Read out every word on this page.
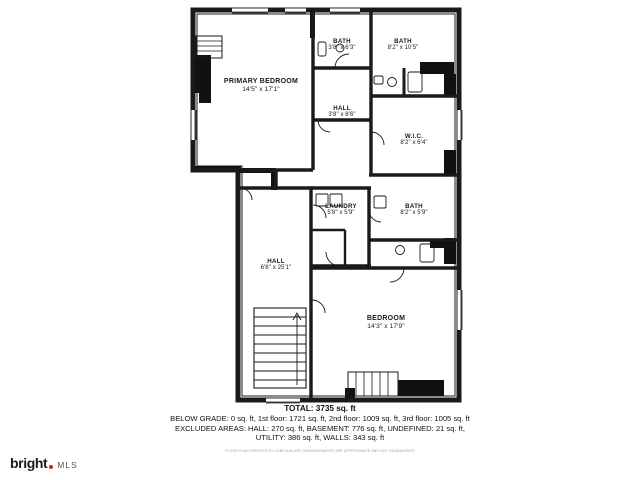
PRIMARY BEDROOM
14'5" x 17'1"
BATH
3'8" x 6'3"
BATH
8'2" x 10'5"
HALL
3'8" x 8'6"
W.I.C.
8'2" x 6'4"
LAUNDRY
5'8" x 5'9"
BATH
8'2" x 5'9"
HALL
6'8" x 25'1"
BEDROOM
14'3" x 17'9"
TOTAL: 3735 sq. ft
BELOW GRADE: 0 sq. ft, 1st floor: 1721 sq. ft, 2nd floor: 1009 sq. ft, 3rd floor: 1005 sq. ft
EXCLUDED AREAS: HALL: 270 sq. ft, BASEMENT: 776 sq. ft, UNDEFINED: 21 sq. ft,
UTILITY: 386 sq. ft, WALLS: 343 sq. ft
FLOOR PLAN CREATED BY CUBICASA APP, MEASUREMENTS ARE APPROXIMATE AND NOT GUARANTEED
bright MLS
